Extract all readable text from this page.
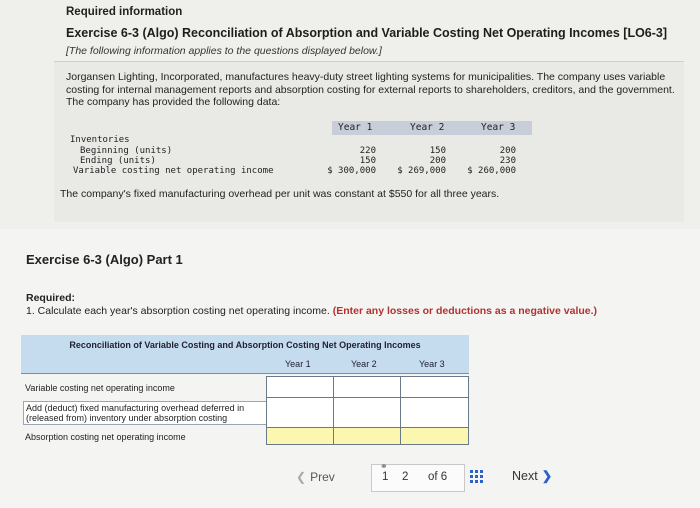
Required information
Exercise 6-3 (Algo) Reconciliation of Absorption and Variable Costing Net Operating Incomes [LO6-3]
[The following information applies to the questions displayed below.]
Jorgansen Lighting, Incorporated, manufactures heavy-duty street lighting systems for municipalities. The company uses variable costing for internal management reports and absorption costing for external reports to shareholders, creditors, and the government. The company has provided the following data:
Year 1	Year 2	Year 3
Inventories
Beginning (units)	220	150	200
Ending (units)	150	200	230
Variable costing net operating income	$ 300,000	$ 269,000	$ 260,000
The company's fixed manufacturing overhead per unit was constant at $550 for all three years.
Exercise 6-3 (Algo) Part 1
Required:
1. Calculate each year's absorption costing net operating income. (Enter any losses or deductions as a negative value.)
Reconciliation of Variable Costing and Absorption Costing Net Operating Incomes
Year 1	Year 2	Year 3
Variable costing net operating income
Add (deduct) fixed manufacturing overhead deferred in (released from) inventory under absorption costing
Absorption costing net operating income
❮ Prev
⚭
1 2 of 6	Next ❯
